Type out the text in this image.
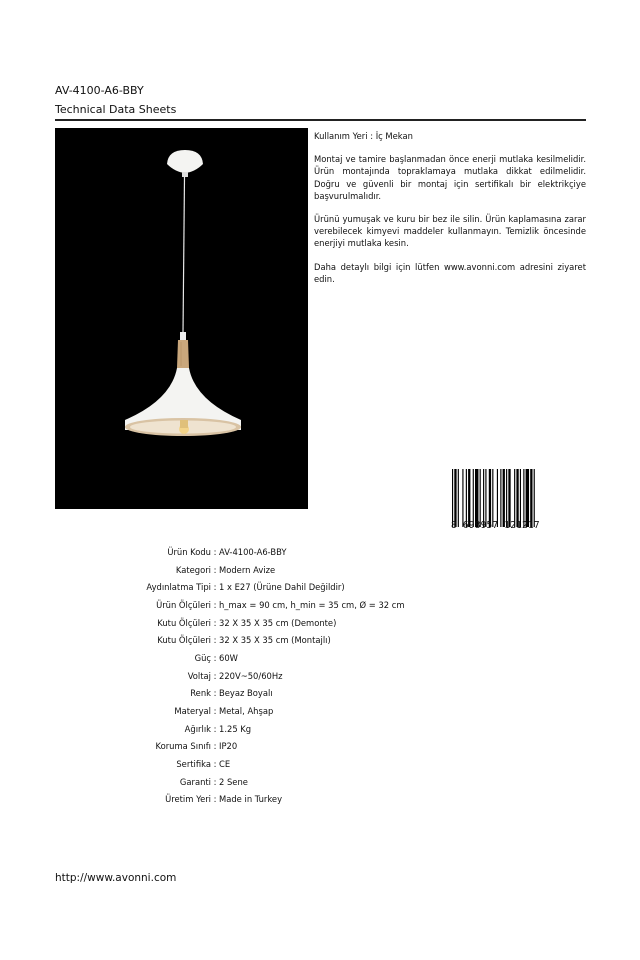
AV-4100-A6-BBY
Technical Data Sheets

Kullanım Yeri : İç Mekan

Montaj ve tamire başlanmadan önce enerji mutlaka kesilmelidir. Ürün montajında topraklamaya mutlaka dikkat edilmelidir. Doğru ve güvenli bir montaj için sertifikalı bir elektrikçiye başvurulmalıdır.

Ürünü yumuşak ve kuru bir bez ile silin. Ürün kaplamasına zarar verebilecek kimyevi maddeler kullanmayın. Temizlik öncesinde enerjiyi mutlaka kesin.

Daha detaylı bilgi için lütfen www.avonni.com adresini ziyaret edin.

8 698957 121217
Ürün Kodu : AV-4100-A6-BBY
Kategori : Modern Avize
Aydınlatma Tipi : 1 x E27 (Ürüne Dahil Değildir)
Ürün Ölçüleri : h_max = 90 cm, h_min = 35 cm, Ø = 32 cm
Kutu Ölçüleri : 32 X 35 X 35 cm (Demonte)
Kutu Ölçüleri : 32 X 35 X 35 cm (Montajlı)
Güç : 60W
Voltaj : 220V~50/60Hz
Renk : Beyaz Boyalı
Materyal : Metal, Ahşap
Ağırlık : 1.25 Kg
Koruma Sınıfı : IP20
Sertifika : CE
Garanti : 2 Sene
Üretim Yeri : Made in Turkey
http://www.avonni.com
